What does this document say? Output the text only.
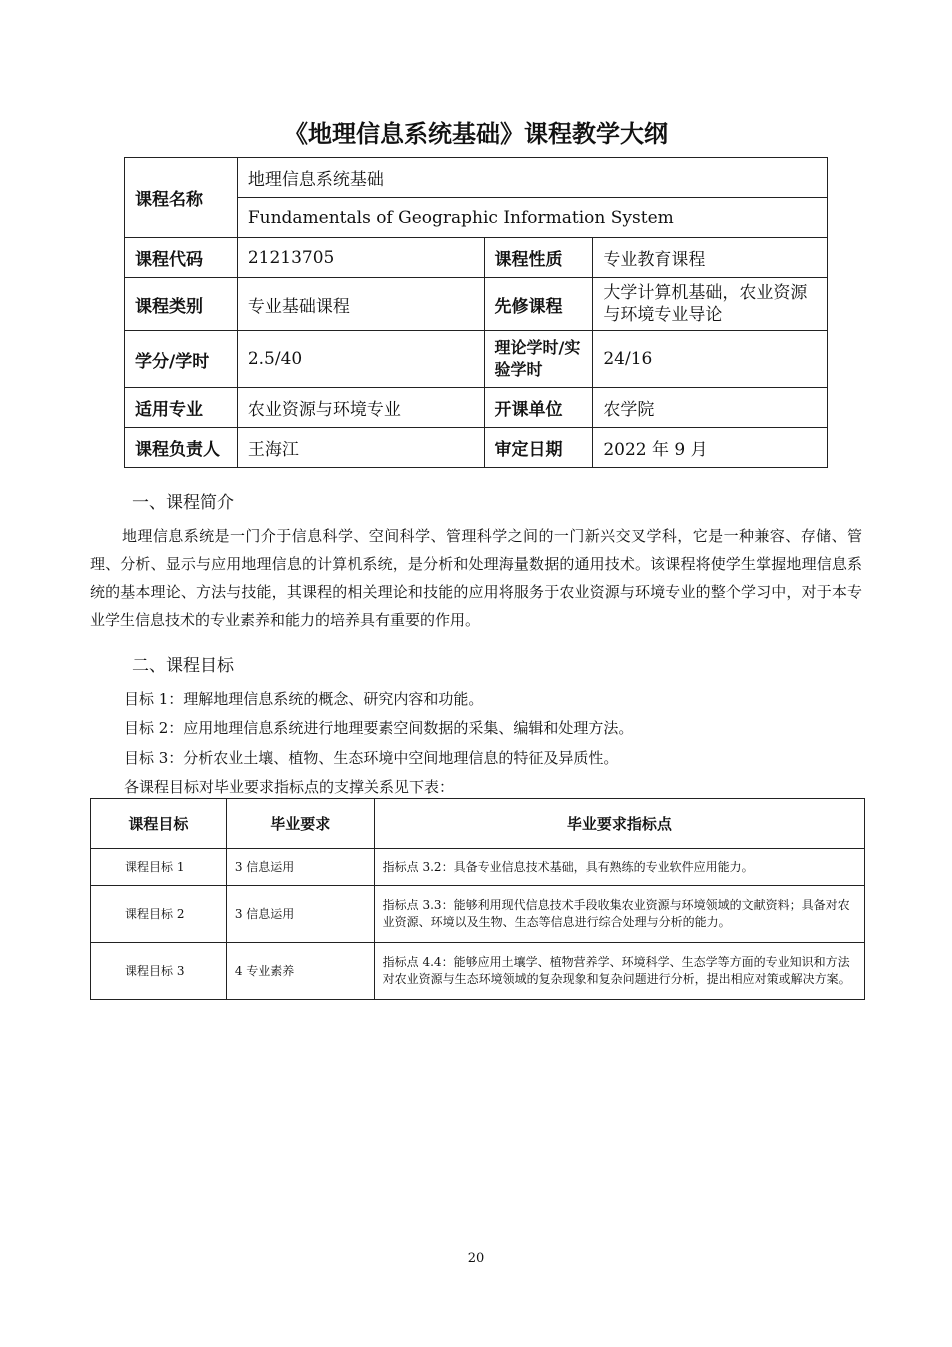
《地理信息系统基础》课程教学大纲
课程名称	地理信息系统基础		
	Fundamentals of Geographic Information System		
课程代码	21213705	课程性质	专业教育课程
课程类别	专业基础课程	先修课程	大学计算机基础，农业资源与环境专业导论
学分/学时	2.5/40	理论学时/实验学时	24/16
适用专业	农业资源与环境专业	开课单位	农学院
课程负责人	王海江	审定日期	2022 年 9 月
一、课程简介

地理信息系统是一门介于信息科学、空间科学、管理科学之间的一门新兴交叉学科，它是一种兼容、存储、管理、分析、显示与应用地理信息的计算机系统，是分析和处理海量数据的通用技术。该课程将使学生掌握地理信息系统的基本理论、方法与技能，其课程的相关理论和技能的应用将服务于农业资源与环境专业的整个学习中，对于本专业学生信息技术的专业素养和能力的培养具有重要的作用。

二、课程目标
目标 1：理解地理信息系统的概念、研究内容和功能。
目标 2：应用地理信息系统进行地理要素空间数据的采集、编辑和处理方法。
目标 3：分析农业土壤、植物、生态环境中空间地理信息的特征及异质性。
各课程目标对毕业要求指标点的支撑关系见下表：
课程目标	毕业要求	毕业要求指标点
课程目标 1	3 信息运用	指标点 3.2：具备专业信息技术基础，具有熟练的专业软件应用能力。
课程目标 2	3 信息运用	指标点 3.3：能够利用现代信息技术手段收集农业资源与环境领域的文献资料；具备对农业资源、环境以及生物、生态等信息进行综合处理与分析的能力。
课程目标 3	4 专业素养	指标点 4.4：能够应用土壤学、植物营养学、环境科学、生态学等方面的专业知识和方法对农业资源与生态环境领域的复杂现象和复杂问题进行分析，提出相应对策或解决方案。
20
